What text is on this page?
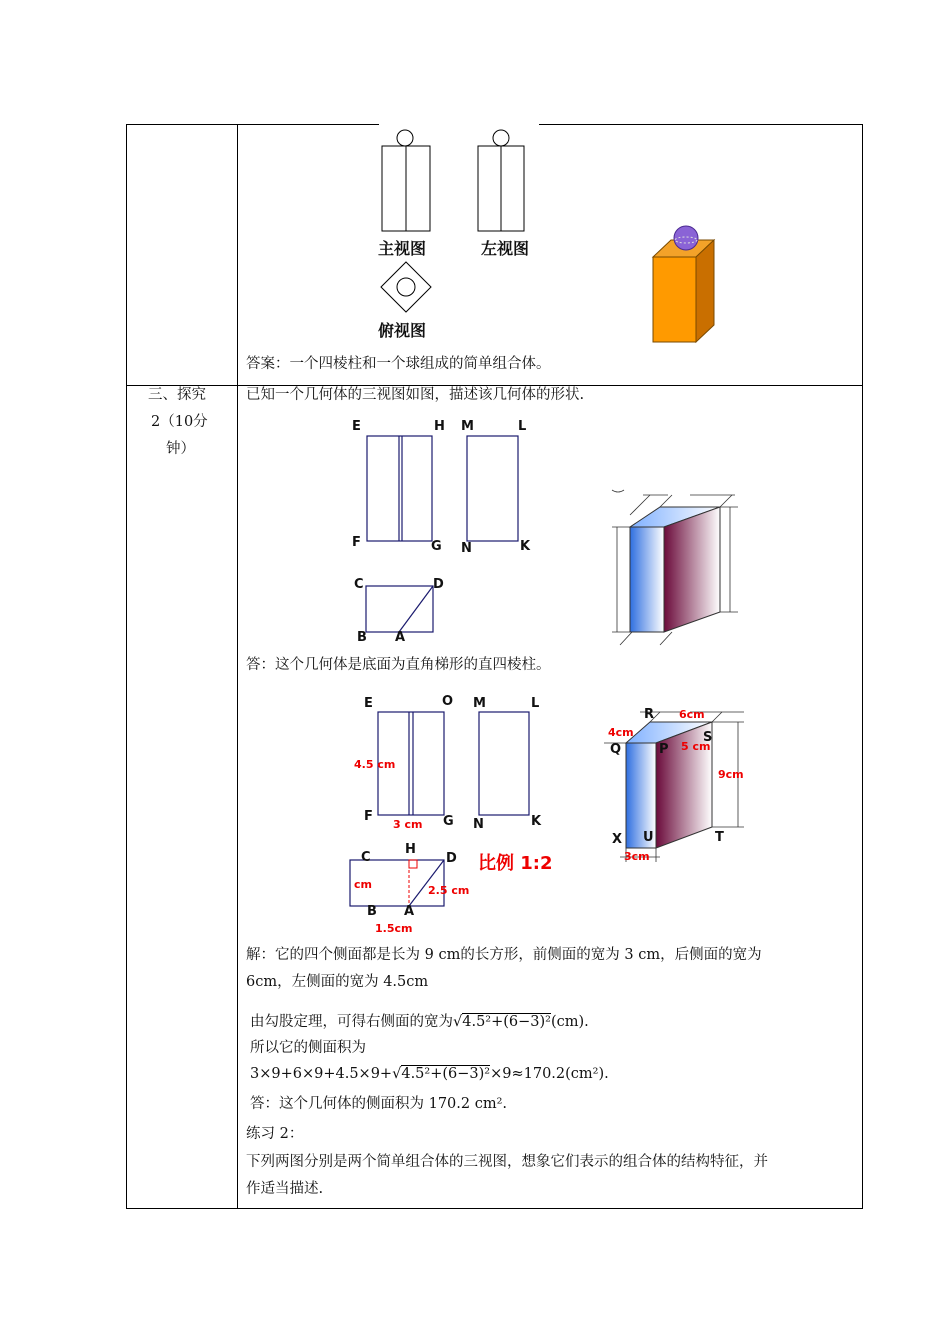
三、探究
2（10分
钟）
主视图	左视图
俯视图
答案：一个四棱柱和一个球组成的简单组合体。
已知一个几何体的三视图如图，描述该几何体的形状.
E	H M	L
F	G N	K
C	D
B A
答：这个几何体是底面为直角梯形的直四棱柱。
E	O M	L
F	G N	K
C
H
D
B A
4.5 cm
3 cm
cm	2.5 cm
1.5cm
比例 1:2
R
S
Q	P
X U	T
6cm
4cm
5 cm
9cm
3cm
解：它的四个侧面都是长为 9 cm的长方形，前侧面的宽为 3 cm，后侧面的宽为
6cm，左侧面的宽为 4.5cm
由勾股定理，可得右侧面的宽为√4.5²+(6−3)²(cm).
所以它的侧面积为
3×9+6×9+4.5×9+√4.5²+(6−3)²×9≈170.2(cm²).
答：这个几何体的侧面积为 170.2 cm².
练习 2：
下列两图分别是两个简单组合体的三视图，想象它们表示的组合体的结构特征，并
作适当描述.
